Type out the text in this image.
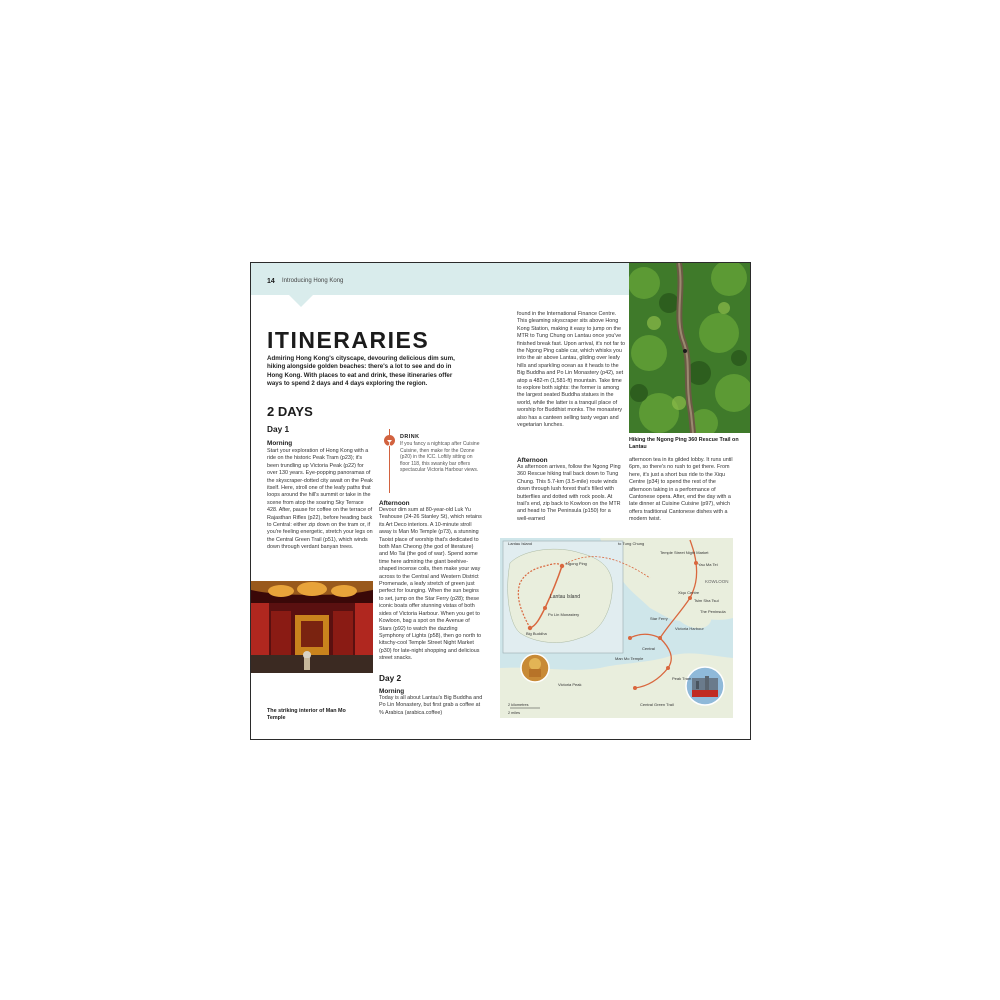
14 Introducing Hong Kong
ITINERARIES

Admiring Hong Kong's cityscape, devouring delicious dim sum, hiking alongside golden beaches: there's a lot to see and do in Hong Kong. With places to eat and drink, these itineraries offer ways to spend 2 days and 4 days exploring the region.

2 DAYS
Day 1
Morning

Start your exploration of Hong Kong with a ride on the historic Peak Tram (p23); it's been trundling up Victoria Peak (p22) for over 130 years. Eye-popping panoramas of the skyscraper-dotted city await on the Peak itself. Here, stroll one of the leafy paths that loops around the hill's summit or take in the scene from atop the soaring Sky Terrace 428. After, pause for coffee on the terrace of Rajasthan Rifles (p22), before heading back to Central: either zip down on the tram or, if you're feeling energetic, stretch your legs on the Central Green Trail (p51), which winds down through verdant banyan trees.

The striking interior of Man Mo Temple
DRINK

If you fancy a nightcap after Cuisine Cuisine, then make for the Ozone (p20) in the ICC. Loftily sitting on floor 118, this swanky bar offers spectacular Victoria Harbour views.

Afternoon

Devour dim sum at 80-year-old Luk Yu Teahouse (24-26 Stanley St), which retains its Art Deco interiors. A 10-minute stroll away is Man Mo Temple (p73), a stunning Taoist place of worship that's dedicated to both Man Cheong (the god of literature) and Mo Tai (the god of war). Spend some time here admiring the giant beehive-shaped incense coils, then make your way across to the Central and Western District Promenade, a leafy stretch of green just perfect for lounging. When the sun begins to set, jump on the Star Ferry (p28); these iconic boats offer stunning vistas of both sides of Victoria Harbour. When you get to Kowloon, bag a spot on the Avenue of Stars (p92) to watch the dazzling Symphony of Lights (p58), then go north to kitschy-cool Temple Street Night Market (p30) for late-night shopping and delicious street snacks.

Day 2
Morning

Today is all about Lantau's Big Buddha and Po Lin Monastery, but first grab a coffee at % Arabica (arabica.coffee)

found in the International Finance Centre. This gleaming skyscraper sits above Hong Kong Station, making it easy to jump on the MTR to Tung Chung on Lantau once you've finished break fast. Upon arrival, it's not far to the Ngong Ping cable car, which whisks you into the air above Lantau, gliding over leafy hills and sparkling ocean as it heads to the Big Buddha and Po Lin Monastery (p42), set atop a 482-m (1,581-ft) mountain. Take time to explore both sights: the former is among the largest seated Buddha statues in the world, while the latter is a tranquil place of worship for Buddhist monks. The monastery also has a canteen selling tasty vegan and vegetarian lunches.

Afternoon

As afternoon arrives, follow the Ngong Ping 360 Rescue hiking trail back down to Tung Chung. This 5.7-km (3.5-mile) route winds down through lush forest that's filled with butterflies and dotted with rock pools. At trail's end, zip back to Kowloon on the MTR and head to The Peninsula (p150) for a well-earned

Hiking the Ngong Ping 360 Rescue Trail on Lantau

afternoon tea in its gilded lobby. It runs until 6pm, so there's no rush to get there. From here, it's just a short bus ride to the Xiqu Centre (p34) to spend the rest of the afternoon taking in a performance of Cantonese opera. After, end the day with a late dinner at Cuisine Cuisine (p97), which offers traditional Cantonese dishes with a modern twist.

Lantau Island
Lantau Island
to Tung Chung
Ngong Ping
Po Lin Monastery
Big Buddha
Central
Peak Tram
Victoria Harbour
Tsim Sha Tsui
Yau Ma Tei
KOWLOON
Man Mo Temple
Victoria Peak
Central Green Trail
The Peninsula
Xiqu Centre
Star Ferry
Temple Street Night Market
2 kilometres
2 miles
